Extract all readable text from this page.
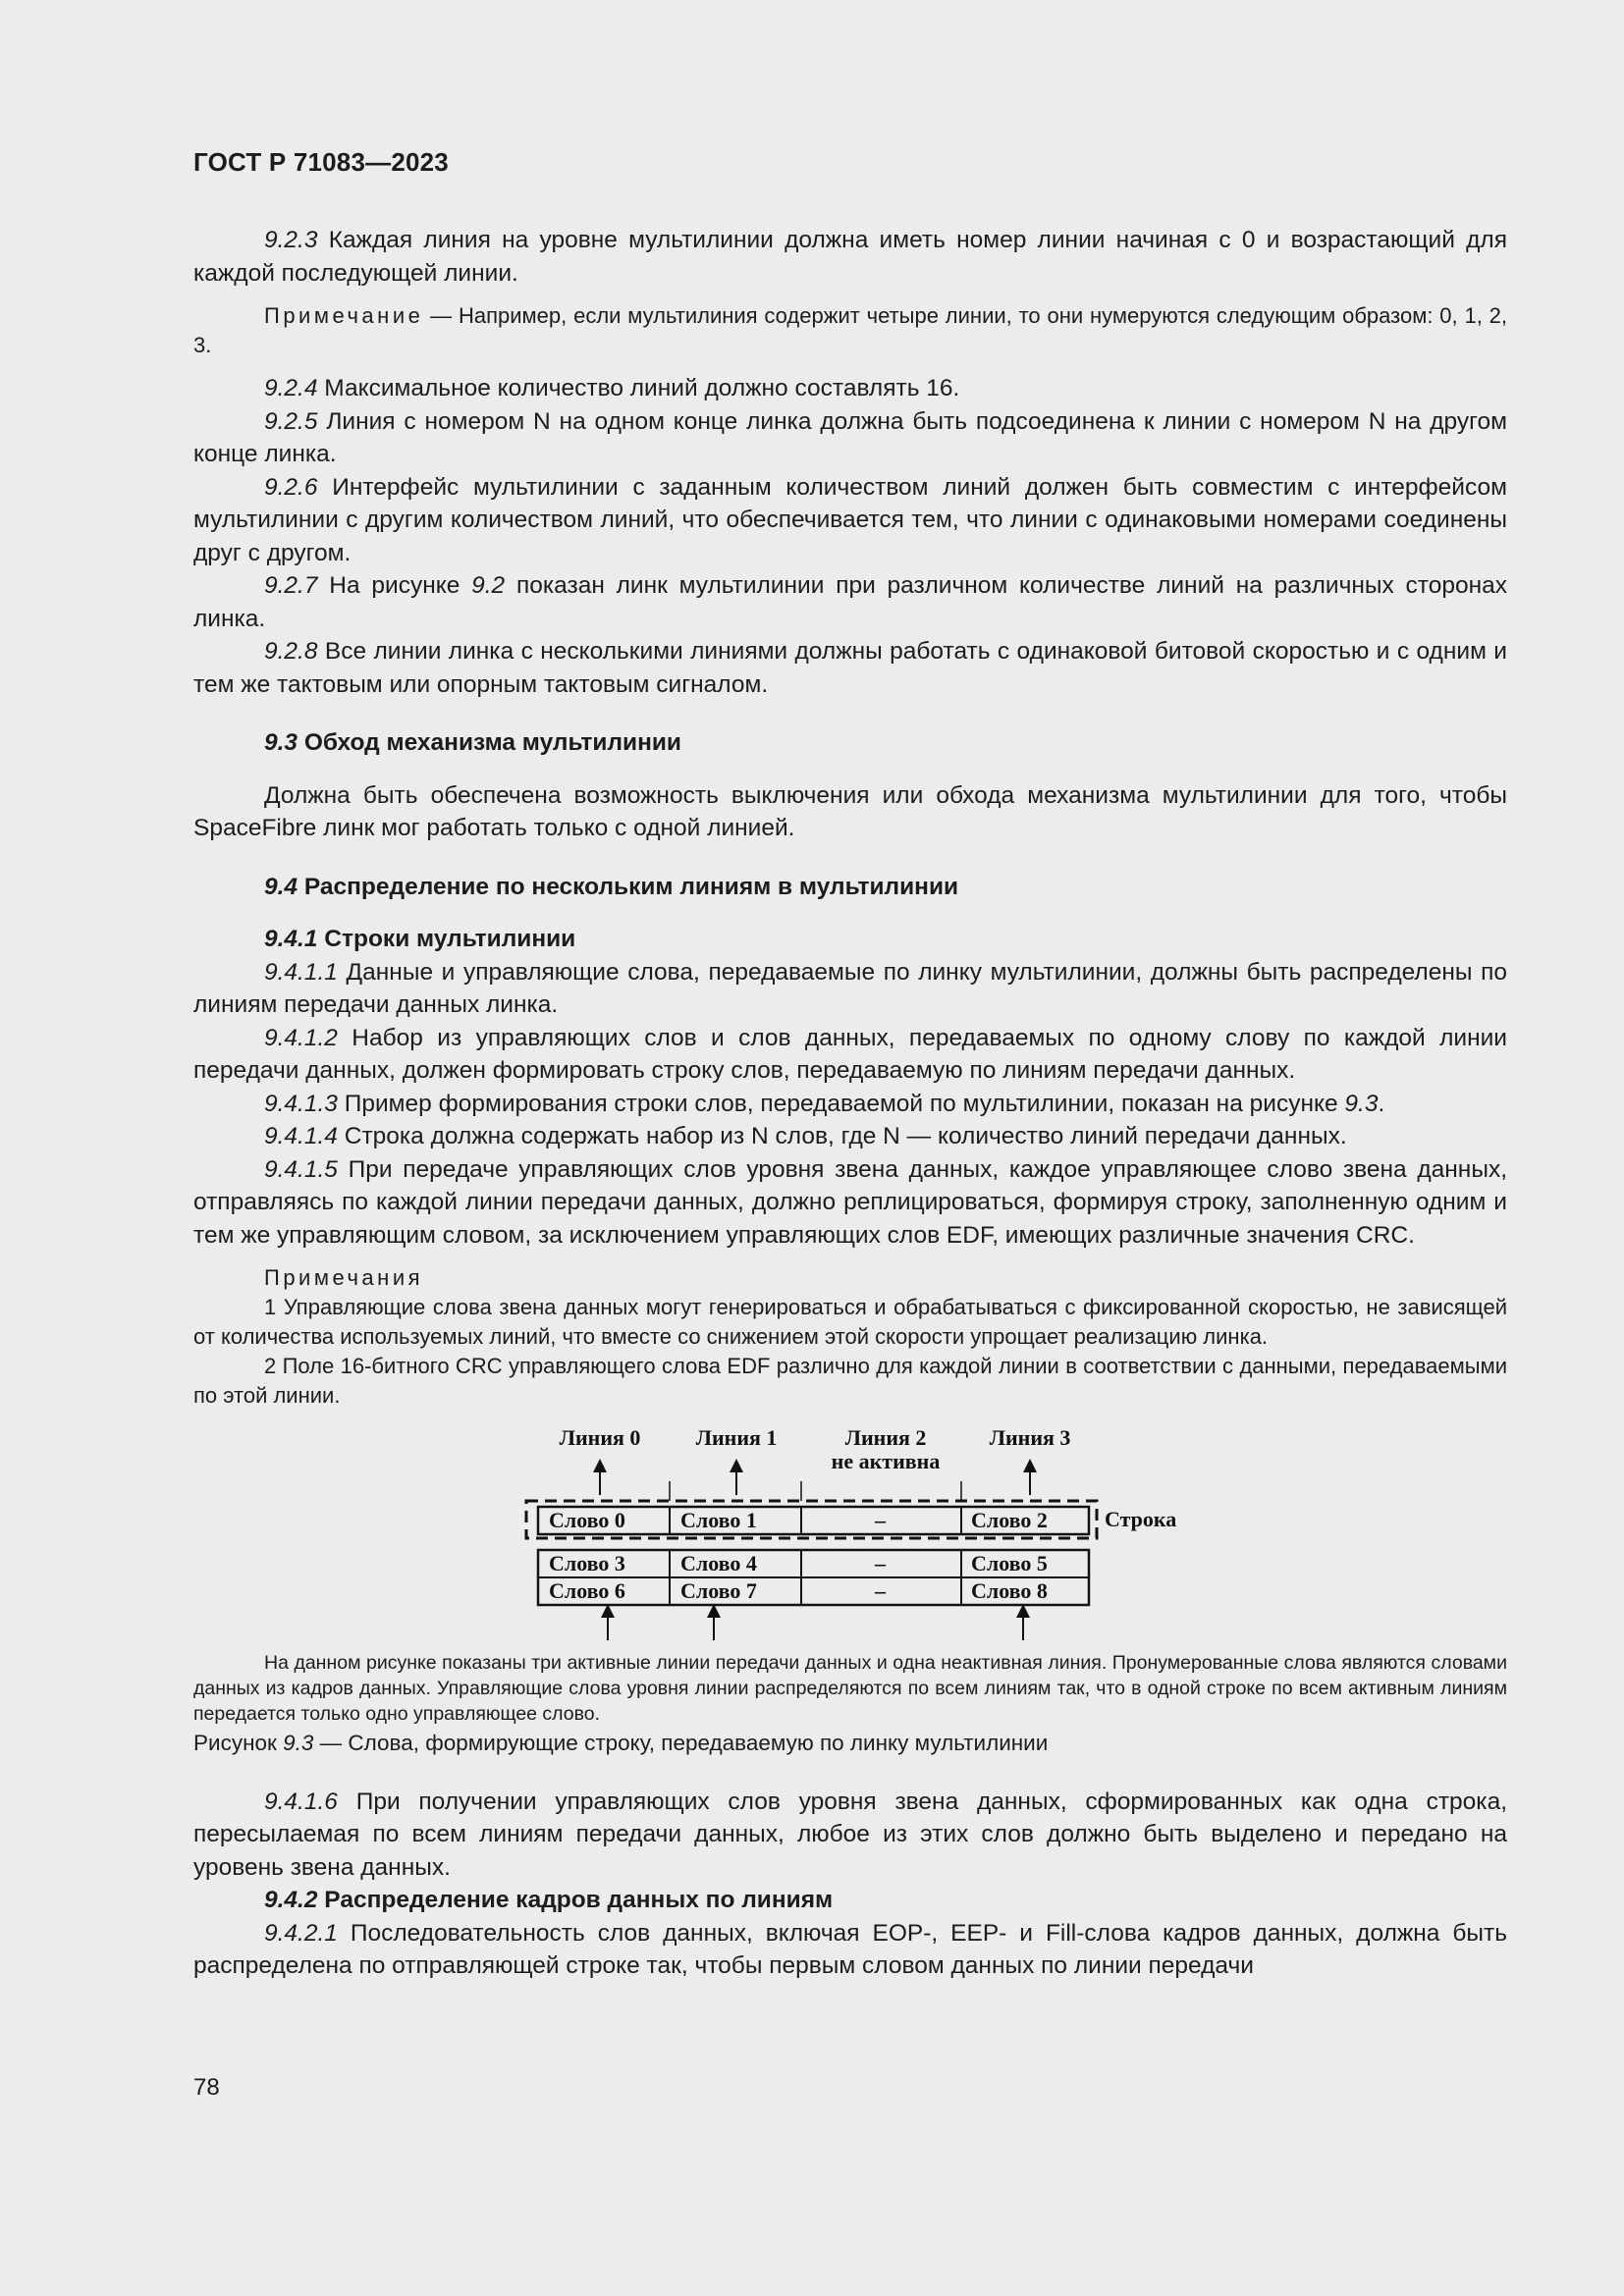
ГОСТ Р 71083—2023

9.2.3 Каждая линия на уровне мультилинии должна иметь номер линии начиная с 0 и возрастающий для каждой последующей линии.

Примечание — Например, если мультилиния содержит четыре линии, то они нумеруются следующим образом: 0, 1, 2, 3.

9.2.4 Максимальное количество линий должно составлять 16.

9.2.5 Линия с номером N на одном конце линка должна быть подсоединена к линии с номером N на другом конце линка.

9.2.6 Интерфейс мультилинии с заданным количеством линий должен быть совместим с интерфейсом мультилинии с другим количеством линий, что обеспечивается тем, что линии с одинаковыми номерами соединены друг с другом.

9.2.7 На рисунке 9.2 показан линк мультилинии при различном количестве линий на различных сторонах линка.

9.2.8 Все линии линка с несколькими линиями должны работать с одинаковой битовой скоростью и с одним и тем же тактовым или опорным тактовым сигналом.

9.3 Обход механизма мультилинии

Должна быть обеспечена возможность выключения или обхода механизма мультилинии для того, чтобы SpaceFibre линк мог работать только с одной линией.

9.4 Распределение по нескольким линиям в мультилинии

9.4.1 Строки мультилинии

9.4.1.1 Данные и управляющие слова, передаваемые по линку мультилинии, должны быть распределены по линиям передачи данных линка.

9.4.1.2 Набор из управляющих слов и слов данных, передаваемых по одному слову по каждой линии передачи данных, должен формировать строку слов, передаваемую по линиям передачи данных.

9.4.1.3 Пример формирования строки слов, передаваемой по мультилинии, показан на рисунке 9.3.

9.4.1.4 Строка должна содержать набор из N слов, где N — количество линий передачи данных.

9.4.1.5 При передаче управляющих слов уровня звена данных, каждое управляющее слово звена данных, отправляясь по каждой линии передачи данных, должно реплицироваться, формируя строку, заполненную одним и тем же управляющим словом, за исключением управляющих слов EDF, имеющих различные значения CRC.

Примечания

1 Управляющие слова звена данных могут генерироваться и обрабатываться с фиксированной скоростью, не зависящей от количества используемых линий, что вместе со снижением этой скорости упрощает реализацию линка.

2 Поле 16-битного CRC управляющего слова EDF различно для каждой линии в соответствии с данными, передаваемыми по этой линии.

Линия 0	Линия 1	Линия 2
не активна
Линия 3
Слово 0	Слово 1	–	Слово 2
Слово 3	Слово 4	–	Слово 5
Слово 6	Слово 7	–	Слово 8
Строка

На данном рисунке показаны три активные линии передачи данных и одна неактивная линия. Пронумерованные слова являются словами данных из кадров данных. Управляющие слова уровня линии распределяются по всем линиям так, что в одной строке по всем активным линиям передается только одно управляющее слово.

Рисунок 9.3 — Слова, формирующие строку, передаваемую по линку мультилинии

9.4.1.6 При получении управляющих слов уровня звена данных, сформированных как одна строка, пересылаемая по всем линиям передачи данных, любое из этих слов должно быть выделено и передано на уровень звена данных.

9.4.2 Распределение кадров данных по линиям

9.4.2.1 Последовательность слов данных, включая EOP-, EEP- и Fill-слова кадров данных, должна быть распределена по отправляющей строке так, чтобы первым словом данных по линии передачи

78
